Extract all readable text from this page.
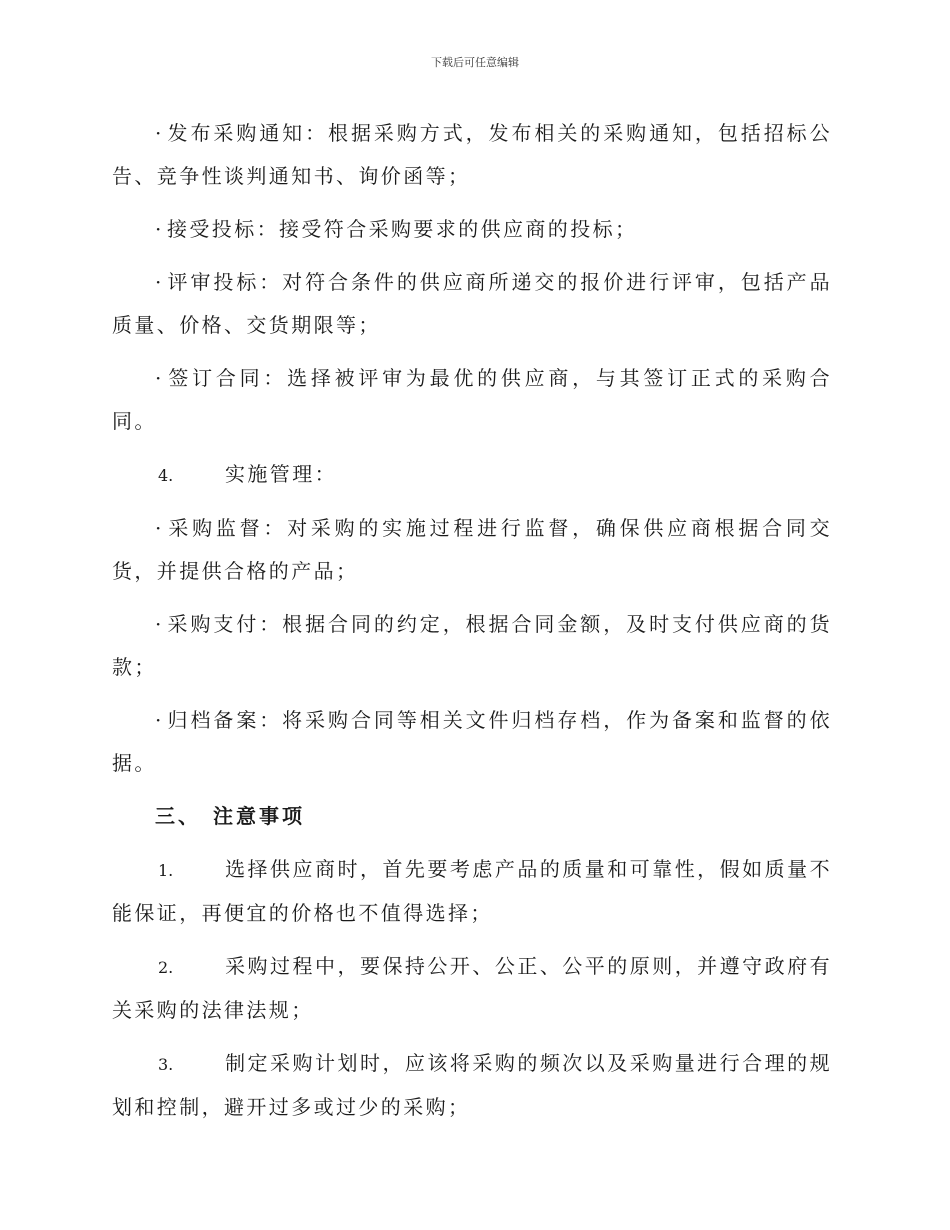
下载后可任意编辑

· 发布采购通知：根据采购方式，发布相关的采购通知，包括招标公告、竞争性谈判通知书、询价函等；

· 接受投标：接受符合采购要求的供应商的投标；

· 评审投标：对符合条件的供应商所递交的报价进行评审，包括产品质量、价格、交货期限等；

· 签订合同：选择被评审为最优的供应商，与其签订正式的采购合同。

4.	实施管理：

· 采购监督：对采购的实施过程进行监督，确保供应商根据合同交货，并提供合格的产品；

· 采购支付：根据合同的约定，根据合同金额，及时支付供应商的货款；

· 归档备案：将采购合同等相关文件归档存档，作为备案和监督的依据。

三、 注意事项

1.	选择供应商时，首先要考虑产品的质量和可靠性，假如质量不能保证，再便宜的价格也不值得选择；

2.	采购过程中，要保持公开、公正、公平的原则，并遵守政府有关采购的法律法规；

3.	制定采购计划时，应该将采购的频次以及采购量进行合理的规划和控制，避开过多或过少的采购；
